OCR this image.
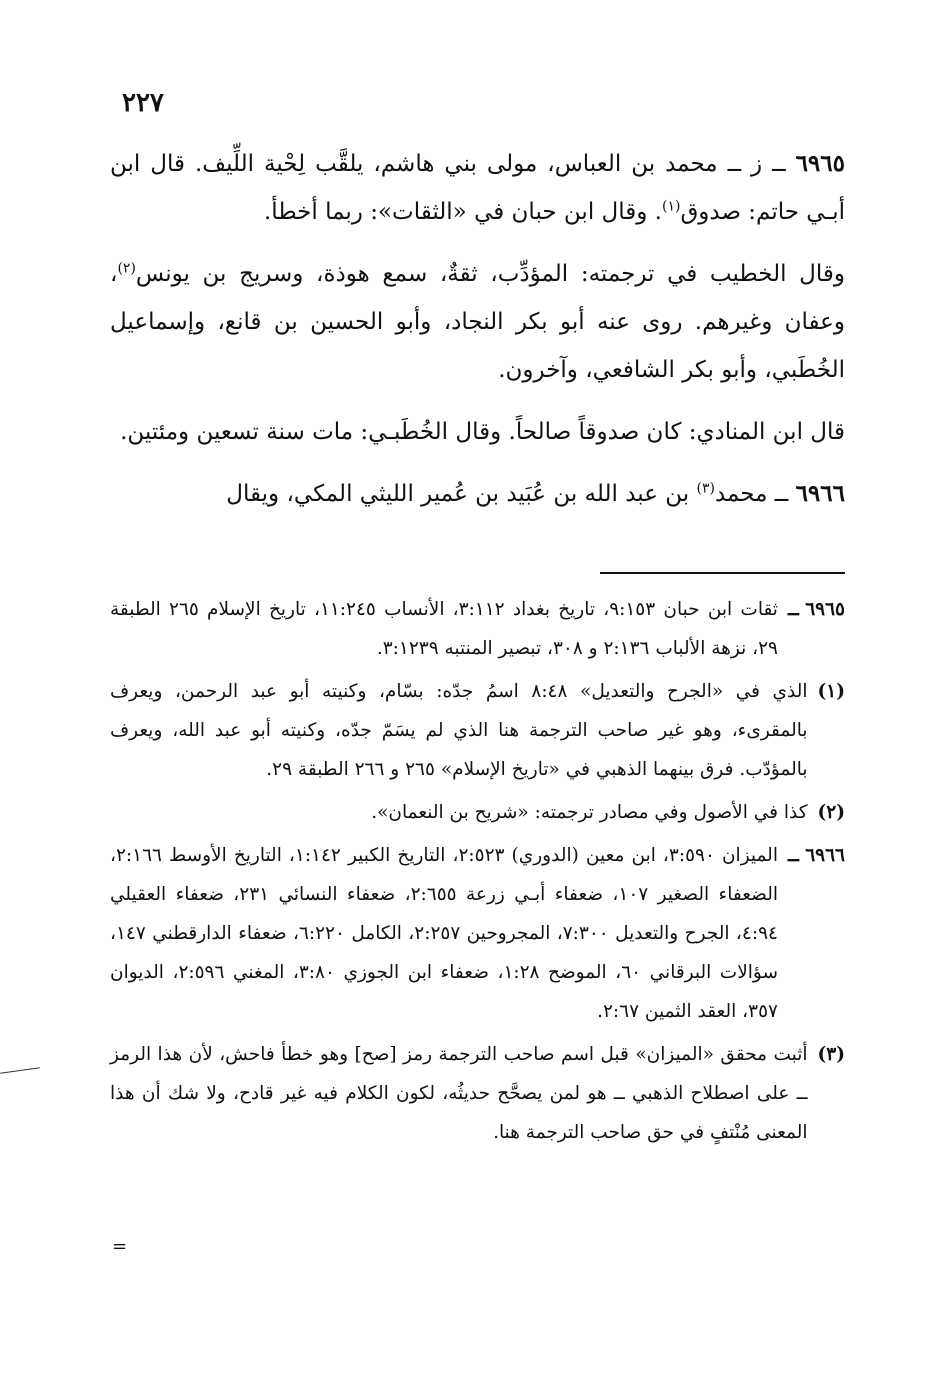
٢٢٧

٦٩٦٥ ــ ز ــ محمد بن العباس، مولى بني هاشم، يلقَّب لِحْية اللِّيف. قال ابن أبـي حاتم: صدوق$^{(١)}$. وقال ابن حبان في «الثقات»: ربما أخطأ.

وقال الخطيب في ترجمته: المؤدِّب، ثقةٌ، سمع هوذة، وسريج بن يونس$^{(٢)}$، وعفان وغيرهم. روى عنه أبو بكر النجاد، وأبو الحسين بن قانع، وإسماعيل الخُطَبي، وأبو بكر الشافعي، وآخرون.

قال ابن المنادي: كان صدوقاً صالحاً. وقال الخُطَبـي: مات سنة تسعين ومئتين.

٦٩٦٦ ــ محمد$^{(٣)}$ بن عبد الله بن عُبَيد بن عُمير الليثي المكي، ويقال

٦٩٦٥ ــ
ثقات ابن حبان ٩:١٥٣، تاريخ بغداد ٣:١١٢، الأنساب ١١:٢٤٥، تاريخ الإسلام ٢٦٥ الطبقة ٢٩، نزهة الألباب ٢:١٣٦ و ٣٠٨، تبصير المنتبه ٣:١٢٣٩.
(١)
الذي في «الجرح والتعديل» ٨:٤٨ اسمُ جدّه: بسّام، وكنيته أبو عبد الرحمن، ويعرف بالمقرىء، وهو غير صاحب الترجمة هنا الذي لم يسَمّ جدّه، وكنيته أبو عبد الله، ويعرف بالمؤدّب. فرق بينهما الذهبي في «تاريخ الإسلام» ٢٦٥ و ٢٦٦ الطبقة ٢٩.
(٢)
كذا في الأصول وفي مصادر ترجمته: «شريح بن النعمان».
٦٩٦٦ ــ
الميزان ٣:٥٩٠، ابن معين (الدوري) ٢:٥٢٣، التاريخ الكبير ١:١٤٢، التاريخ الأوسط ٢:١٦٦، الضعفاء الصغير ١٠٧، ضعفاء أبـي زرعة ٢:٦٥٥، ضعفاء النسائي ٢٣١، ضعفاء العقيلي ٤:٩٤، الجرح والتعديل ٧:٣٠٠، المجروحين ٢:٢٥٧، الكامل ٦:٢٢٠، ضعفاء الدارقطني ١٤٧، سؤالات البرقاني ٦٠، الموضح ١:٢٨، ضعفاء ابن الجوزي ٣:٨٠، المغني ٢:٥٩٦، الديوان ٣٥٧، العقد الثمين ٢:٦٧.
(٣)
أثبت محقق «الميزان» قبل اسم صاحب الترجمة رمز [صح] وهو خطأ فاحش، لأن هذا الرمز ــ على اصطلاح الذهبي ــ هو لمن يصحَّح حديثُه، لكون الكلام فيه غير قادح، ولا شك أن هذا المعنى مُنْتفٍ في حق صاحب الترجمة هنا.
=
